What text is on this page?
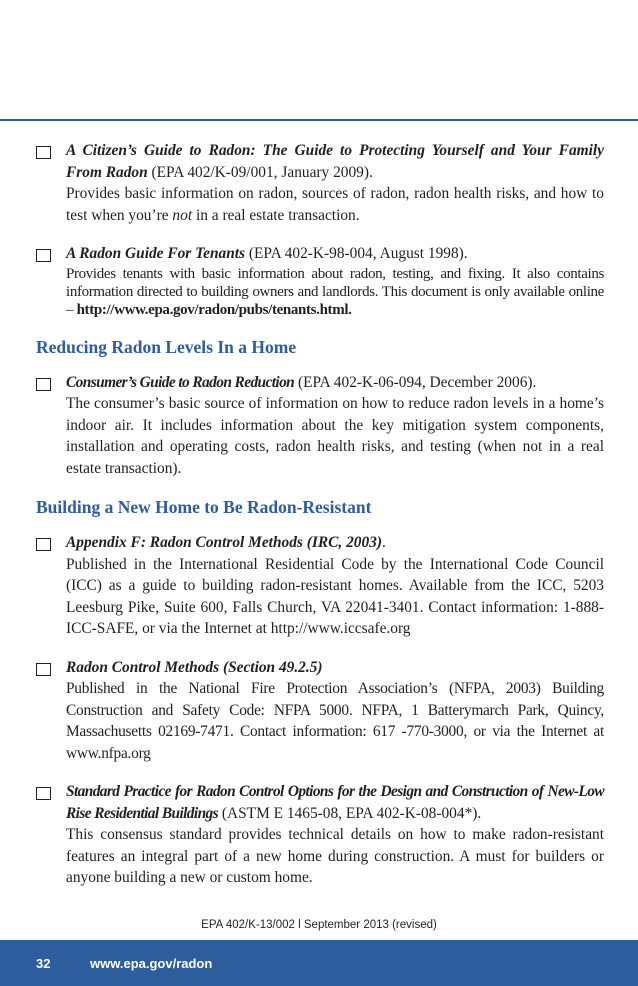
A Citizen’s Guide to Radon: The Guide to Protecting Yourself and Your Family From Radon (EPA 402/K-09/001, January 2009).
Provides basic information on radon, sources of radon, radon health risks, and how to test when you’re not in a real estate transaction.
A Radon Guide For Tenants (EPA 402-K-98-004, August 1998).
Provides tenants with basic information about radon, testing, and fixing. It also contains information directed to building owners and landlords. This document is only available online – http://www.epa.gov/radon/pubs/tenants.html.
Reducing Radon Levels In a Home
Consumer’s Guide to Radon Reduction (EPA 402-K-06-094, December 2006).
The consumer’s basic source of information on how to reduce radon levels in a home’s indoor air. It includes information about the key mitigation system components, installation and operating costs, radon health risks, and testing (when not in a real estate transaction).
Building a New Home to Be Radon-Resistant
Appendix F: Radon Control Methods (IRC, 2003).
Published in the International Residential Code by the International Code Council (ICC) as a guide to building radon-resistant homes. Available from the ICC, 5203 Leesburg Pike, Suite 600, Falls Church, VA 22041-3401. Contact information: 1-888-ICC-SAFE, or via the Internet at http://www.iccsafe.org
Radon Control Methods (Section 49.2.5)
Published in the National Fire Protection Association’s (NFPA, 2003) Building Construction and Safety Code: NFPA 5000. NFPA, 1 Batterymarch Park, Quincy, Massachusetts 02169-7471. Contact information: 617 -770-3000, or via the Internet at www.nfpa.org
Standard Practice for Radon Control Options for the Design and Construction of New-Low Rise Residential Buildings (ASTM E 1465-08, EPA 402-K-08-004*).
This consensus standard provides technical details on how to make radon-resistant features an integral part of a new home during construction. A must for builders or anyone building a new or custom home.
EPA 402/K-13/002 l September 2013 (revised)
32	www.epa.gov/radon
